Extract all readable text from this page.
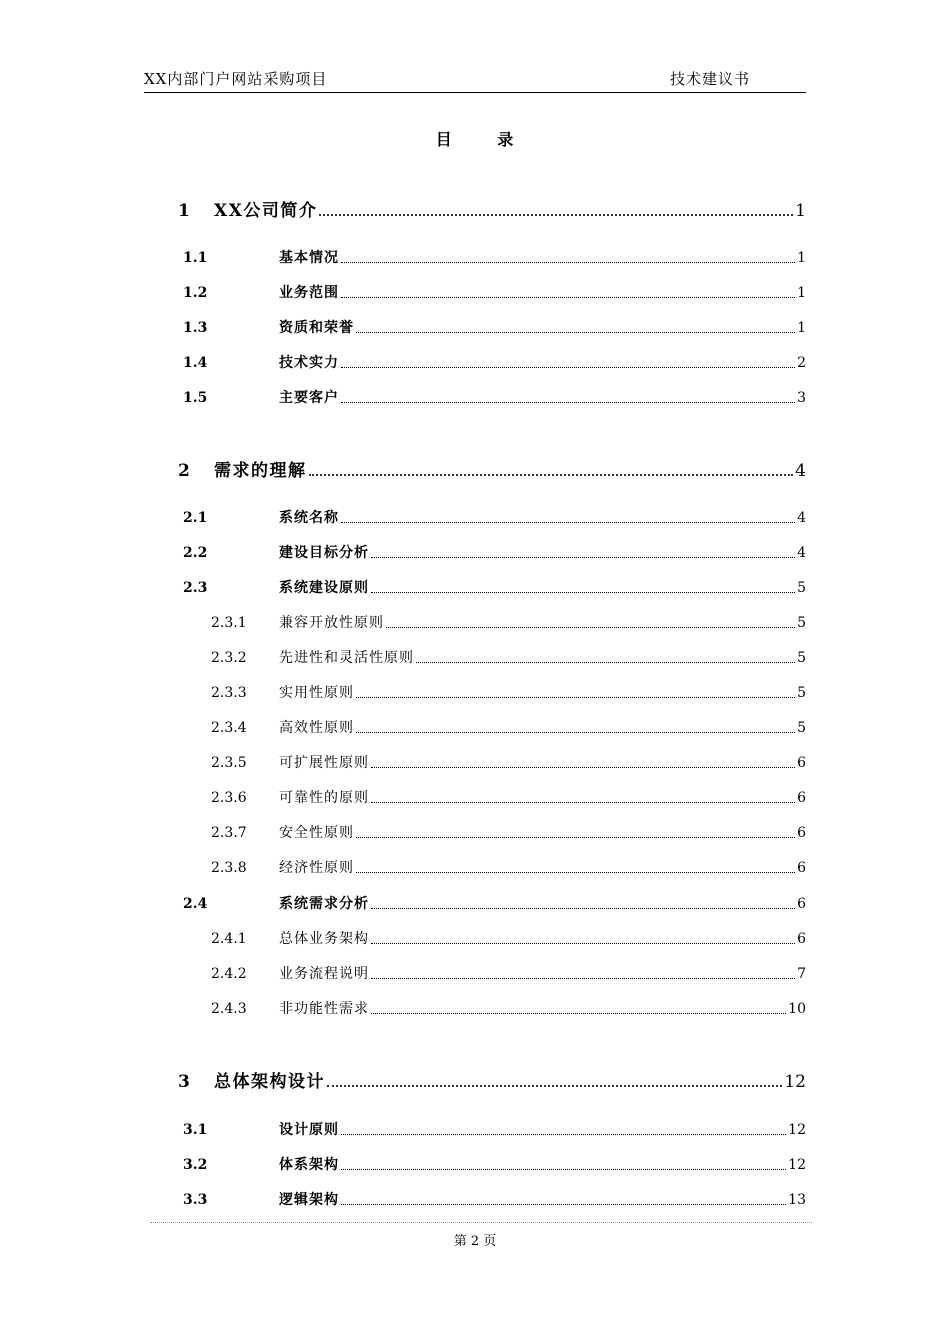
XX内部门户网站采购项目	技术建议书
目 录
1 XX公司简介	1
1.1	基本情况	1
1.2	业务范围	1
1.3	资质和荣誉	1
1.4	技术实力	2
1.5	主要客户	3
2 需求的理解	4
2.1	系统名称	4
2.2	建设目标分析	4
2.3	系统建设原则	5
2.3.1 兼容开放性原则	5
2.3.2 先进性和灵活性原则	5
2.3.3 实用性原则	5
2.3.4 高效性原则	5
2.3.5 可扩展性原则	6
2.3.6 可靠性的原则	6
2.3.7 安全性原则	6
2.3.8 经济性原则	6
2.4	系统需求分析	6
2.4.1 总体业务架构	6
2.4.2 业务流程说明	7
2.4.3 非功能性需求	10
3 总体架构设计	12
3.1	设计原则	12
3.2	体系架构	12
3.3	逻辑架构	13
第 2 页
